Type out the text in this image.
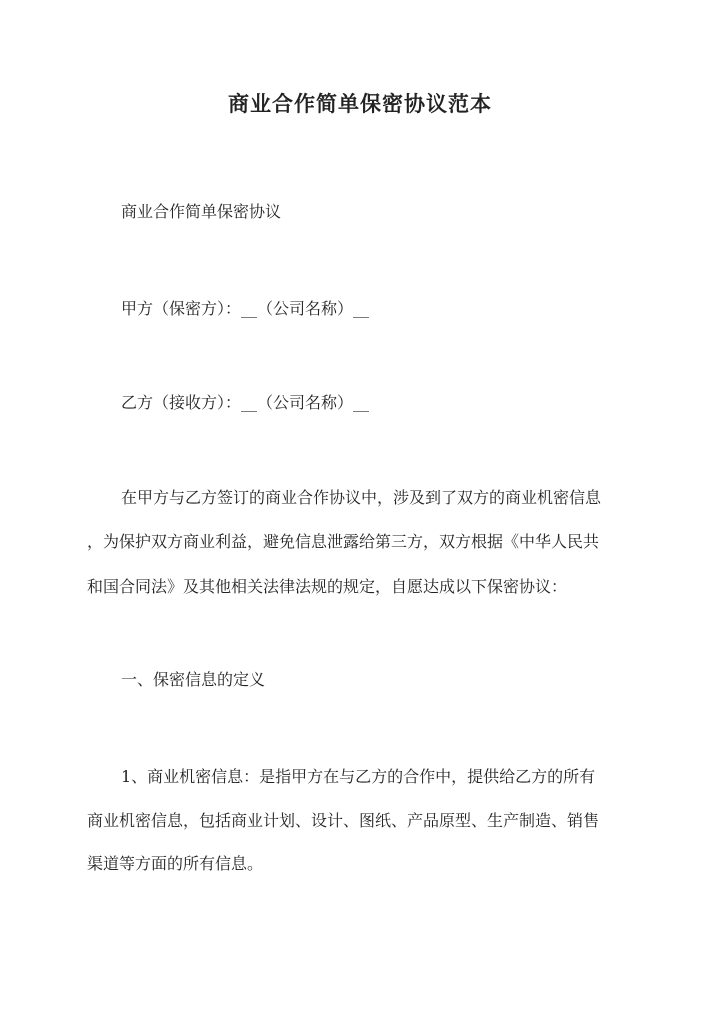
商业合作简单保密协议范本

商业合作简单保密协议

甲方（保密方）：__（公司名称）__

乙方（接收方）：__（公司名称）__

在甲方与乙方签订的商业合作协议中，涉及到了双方的商业机密信息

，为保护双方商业利益，避免信息泄露给第三方，双方根据《中华人民共

和国合同法》及其他相关法律法规的规定，自愿达成以下保密协议：

一、保密信息的定义

1、商业机密信息：是指甲方在与乙方的合作中，提供给乙方的所有

商业机密信息，包括商业计划、设计、图纸、产品原型、生产制造、销售

渠道等方面的所有信息。
